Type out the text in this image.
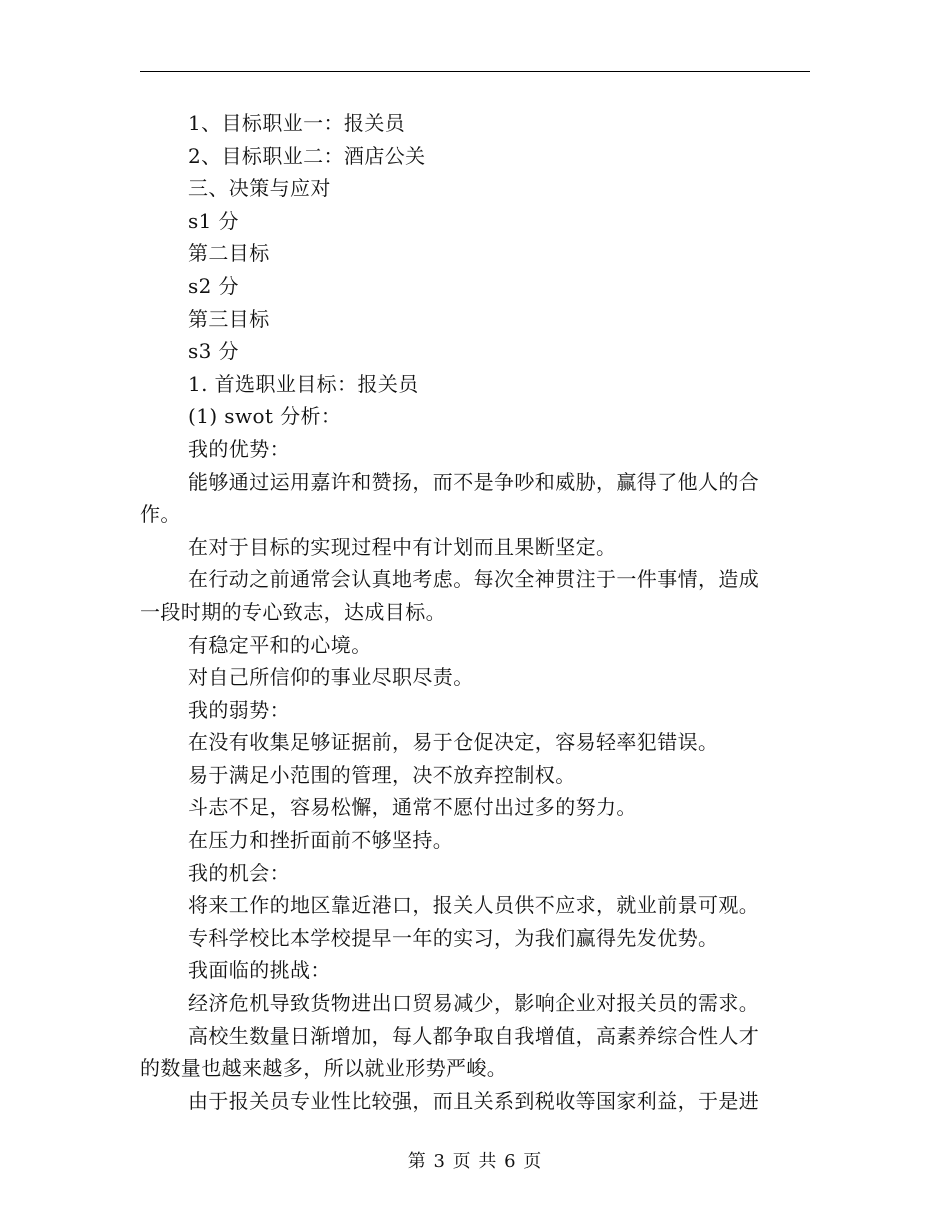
1、目标职业一：报关员
2、目标职业二：酒店公关
三、决策与应对
s1 分
第二目标
s2 分
第三目标
s3 分
1. 首选职业目标：报关员
(1) swot 分析：
我的优势：
能够通过运用嘉许和赞扬，而不是争吵和威胁，赢得了他人的合
作。
在对于目标的实现过程中有计划而且果断坚定。
在行动之前通常会认真地考虑。每次全神贯注于一件事情，造成
一段时期的专心致志，达成目标。
有稳定平和的心境。
对自己所信仰的事业尽职尽责。
我的弱势：
在没有收集足够证据前，易于仓促决定，容易轻率犯错误。
易于满足小范围的管理，决不放弃控制权。
斗志不足，容易松懈，通常不愿付出过多的努力。
在压力和挫折面前不够坚持。
我的机会：
将来工作的地区靠近港口，报关人员供不应求，就业前景可观。
专科学校比本学校提早一年的实习，为我们赢得先发优势。
我面临的挑战：
经济危机导致货物进出口贸易减少，影响企业对报关员的需求。
高校生数量日渐增加，每人都争取自我增值，高素养综合性人才
的数量也越来越多，所以就业形势严峻。
由于报关员专业性比较强，而且关系到税收等国家利益，于是进
第 3 页 共 6 页
